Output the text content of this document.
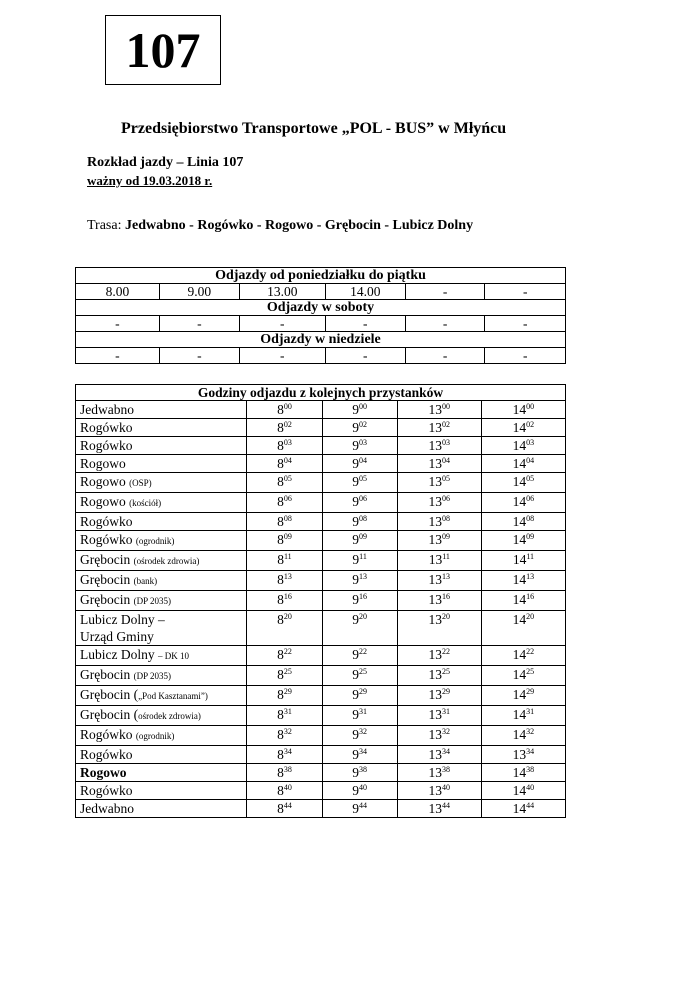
107
Przedsiębiorstwo Transportowe „POL - BUS” w Młyńcu
Rozkład jazdy – Linia 107
ważny od 19.03.2018 r.
Trasa: Jedwabno - Rogówko - Rogowo - Grębocin - Lubicz Dolny
Odjazdy od poniedziałku do piątku					
8.00	9.00	13.00	14.00	-	-
Odjazdy w soboty					
-	-	-	-	-	-
Odjazdy w niedziele					
-	-	-	-	-	-
Godziny odjazdu z kolejnych przystanków				
Jedwabno	$8^{00}$	$9^{00}$	$13^{00}$	$14^{00}$
Rogówko	$8^{02}$	$9^{02}$	$13^{02}$	$14^{02}$
Rogówko	$8^{03}$	$9^{03}$	$13^{03}$	$14^{03}$
Rogowo	$8^{04}$	$9^{04}$	$13^{04}$	$14^{04}$
Rogowo (OSP)	$8^{05}$	$9^{05}$	$13^{05}$	$14^{05}$
Rogowo (kościół)	$8^{06}$	$9^{06}$	$13^{06}$	$14^{06}$
Rogówko	$8^{08}$	$9^{08}$	$13^{08}$	$14^{08}$
Rogówko (ogrodnik)	$8^{09}$	$9^{09}$	$13^{09}$	$14^{09}$
Grębocin (ośrodek zdrowia)	$8^{11}$	$9^{11}$	$13^{11}$	$14^{11}$
Grębocin (bank)	$8^{13}$	$9^{13}$	$13^{13}$	$14^{13}$
Grębocin (DP 2035)	$8^{16}$	$9^{16}$	$13^{16}$	$14^{16}$

Lubicz Dolny – Urząd Gminy	$8^{20}$	$9^{20}$	$13^{20}$	$14^{20}$
Lubicz Dolny – DK 10	$8^{22}$	$9^{22}$	$13^{22}$	$14^{22}$
Grębocin (DP 2035)	$8^{25}$	$9^{25}$	$13^{25}$	$14^{25}$
Grębocin („Pod Kasztanami”)	$8^{29}$	$9^{29}$	$13^{29}$	$14^{29}$
Grębocin (ośrodek zdrowia)	$8^{31}$	$9^{31}$	$13^{31}$	$14^{31}$
Rogówko (ogrodnik)	$8^{32}$	$9^{32}$	$13^{32}$	$14^{32}$
Rogówko	$8^{34}$	$9^{34}$	$13^{34}$	$13^{34}$
Rogowo	$8^{38}$	$9^{38}$	$13^{38}$	$14^{38}$
Rogówko	$8^{40}$	$9^{40}$	$13^{40}$	$14^{40}$
Jedwabno	$8^{44}$	$9^{44}$	$13^{44}$	$14^{44}$
